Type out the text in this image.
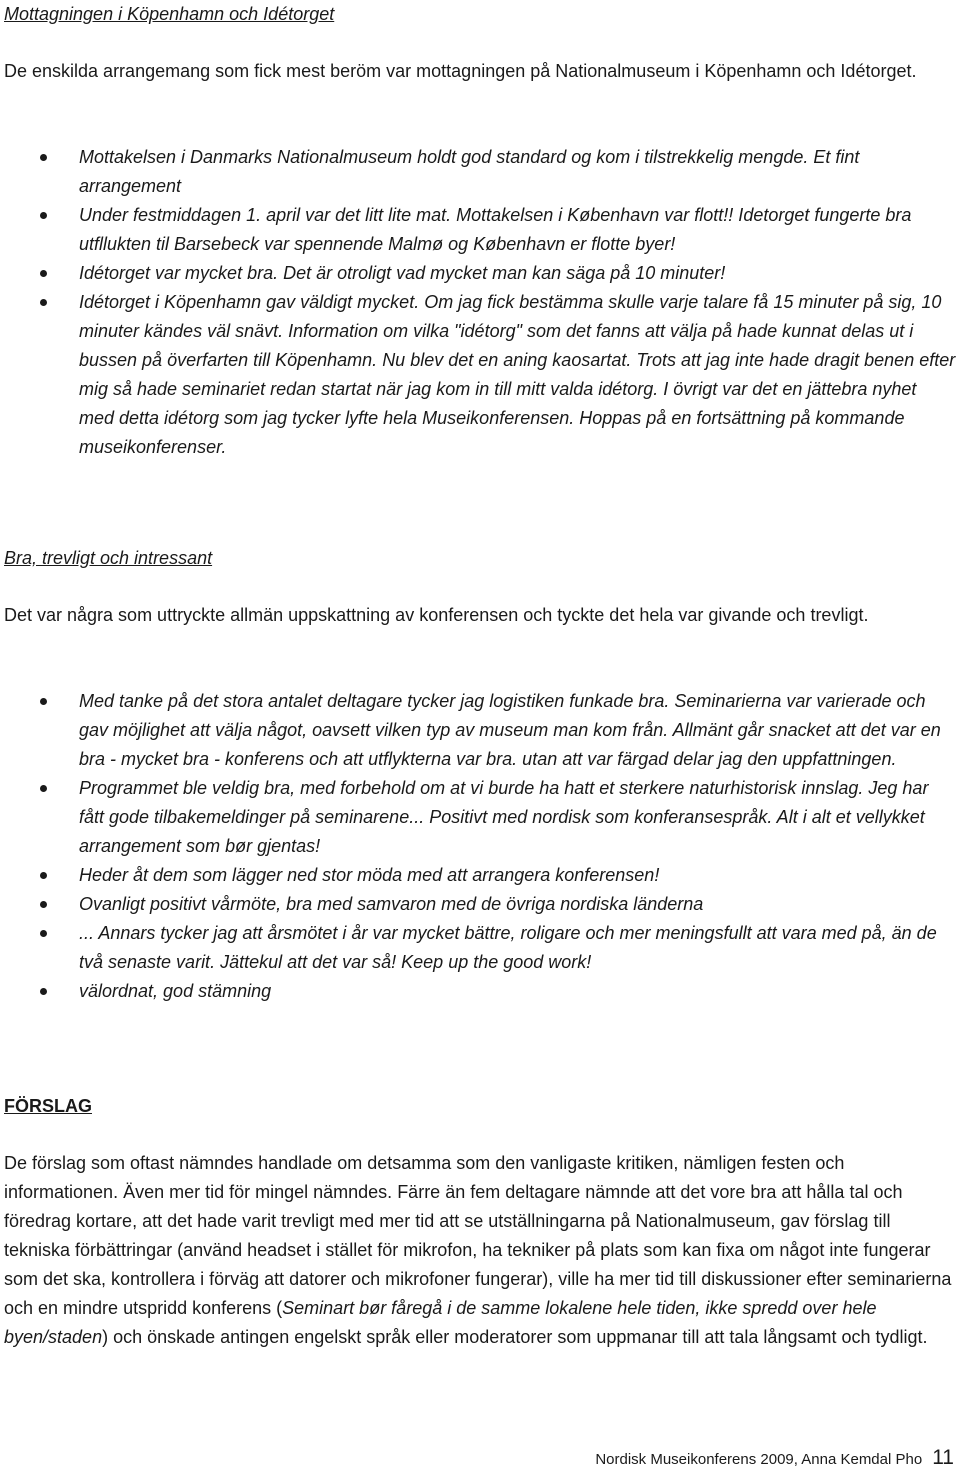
Mottagningen i Köpenhamn och Idétorget

De enskilda arrangemang som fick mest beröm var mottagningen på Nationalmuseum i Köpenhamn och Idétorget.

Mottakelsen i Danmarks Nationalmuseum holdt god standard og kom i tilstrekkelig mengde. Et fint arrangement
Under festmiddagen 1. april var det litt lite mat. Mottakelsen i København var flott!! Idetorget fungerte bra utfllukten til Barsebeck var spennende Malmø og København er flotte byer!
Idétorget var mycket bra. Det är otroligt vad mycket man kan säga på 10 minuter!
Idétorget i Köpenhamn gav väldigt mycket. Om jag fick bestämma skulle varje talare få 15 minuter på sig, 10 minuter kändes väl snävt. Information om vilka "idétorg" som det fanns att välja på hade kunnat delas ut i bussen på överfarten till Köpenhamn. Nu blev det en aning kaosartat. Trots att jag inte hade dragit benen efter mig så hade seminariet redan startat när jag kom in till mitt valda idétorg. I övrigt var det en jättebra nyhet med detta idétorg som jag tycker lyfte hela Museikonferensen. Hoppas på en fortsättning på kommande museikonferenser.

Bra, trevligt och intressant

Det var några som uttryckte allmän uppskattning av konferensen och tyckte det hela var givande och trevligt.

Med tanke på det stora antalet deltagare tycker jag logistiken funkade bra. Seminarierna var varierade och gav möjlighet att välja något, oavsett vilken typ av museum man kom från. Allmänt går snacket att det var en bra - mycket bra - konferens och att utflykterna var bra. utan att var färgad delar jag den uppfattningen.
Programmet ble veldig bra, med forbehold om at vi burde ha hatt et sterkere naturhistorisk innslag. Jeg har fått gode tilbakemeldinger på seminarene... Positivt med nordisk som konferansespråk. Alt i alt et vellykket arrangement som bør gjentas!
Heder åt dem som lägger ned stor möda med att arrangera konferensen!
Ovanligt positivt vårmöte, bra med samvaron med de övriga nordiska länderna
... Annars tycker jag att årsmötet i år var mycket bättre, roligare och mer meningsfullt att vara med på, än de två senaste varit. Jättekul att det var så! Keep up the good work!
välordnat, god stämning

FÖRSLAG

De förslag som oftast nämndes handlade om detsamma som den vanligaste kritiken, nämligen festen och informationen. Även mer tid för mingel nämndes. Färre än fem deltagare nämnde att det vore bra att hålla tal och föredrag kortare, att det hade varit trevligt med mer tid att se utställningarna på Nationalmuseum, gav förslag till tekniska förbättringar (använd headset i stället för mikrofon, ha tekniker på plats som kan fixa om något inte fungerar som det ska, kontrollera i förväg att datorer och mikrofoner fungerar), ville ha mer tid till diskussioner efter seminarierna och en mindre utspridd konferens (Seminart bør fåregå i de samme lokalene hele tiden, ikke spredd over hele byen/staden) och önskade antingen engelskt språk eller moderatorer som uppmanar till att tala långsamt och tydligt.

Nordisk Museikonferens 2009, Anna Kemdal Pho 11
